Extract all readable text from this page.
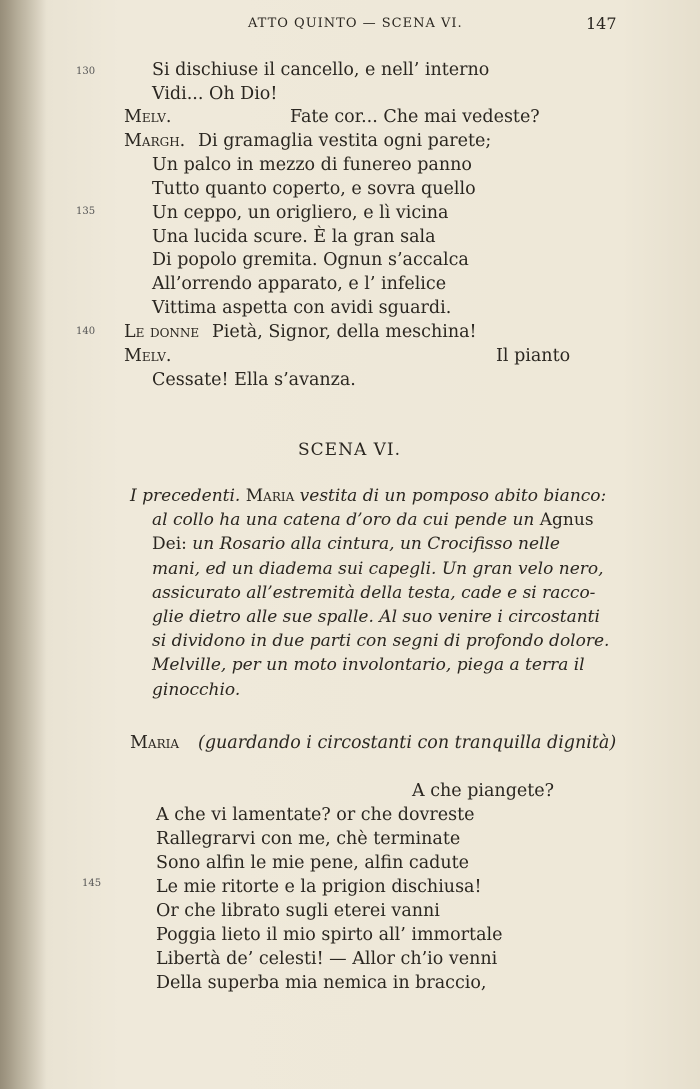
ATTO QUINTO — SCENA VI.	147
130
135
140
145
Si dischiuse il cancello, e nell’ interno
Vidi... Oh Dio!
Melv.	Fate cor... Che mai vedeste?
Margh. Di gramaglia vestita ogni parete;
Un palco in mezzo di funereo panno
Tutto quanto coperto, e sovra quello
Un ceppo, un origliero, e lì vicina
Una lucida scure. È la gran sala
Di popolo gremita. Ognun s’accalca
All’orrendo apparato, e l’ infelice
Vittima aspetta con avidi sguardi.
Le donne Pietà, Signor, della meschina!
Melv.	Il pianto
Cessate! Ella s’avanza.
SCENA VI.
I precedenti. Maria vestita di un pomposo abito bianco:
al collo ha una catena d’oro da cui pende un Agnus
Dei: un Rosario alla cintura, un Crocifisso nelle
mani, ed un diadema sui capegli. Un gran velo nero,
assicurato all’estremità della testa, cade e si racco-
glie dietro alle sue spalle. Al suo venire i circostanti
si dividono in due parti con segni di profondo dolore.
Melville, per un moto involontario, piega a terra il
ginocchio.
Maria (guardando i circostanti con tranquilla dignità)
A che piangete?
A che vi lamentate? or che dovreste
Rallegrarvi con me, chè terminate
Sono alfin le mie pene, alfin cadute
Le mie ritorte e la prigion dischiusa!
Or che librato sugli eterei vanni
Poggia lieto il mio spirto all’ immortale
Libertà de’ celesti! — Allor ch’io venni
Della superba mia nemica in braccio,
